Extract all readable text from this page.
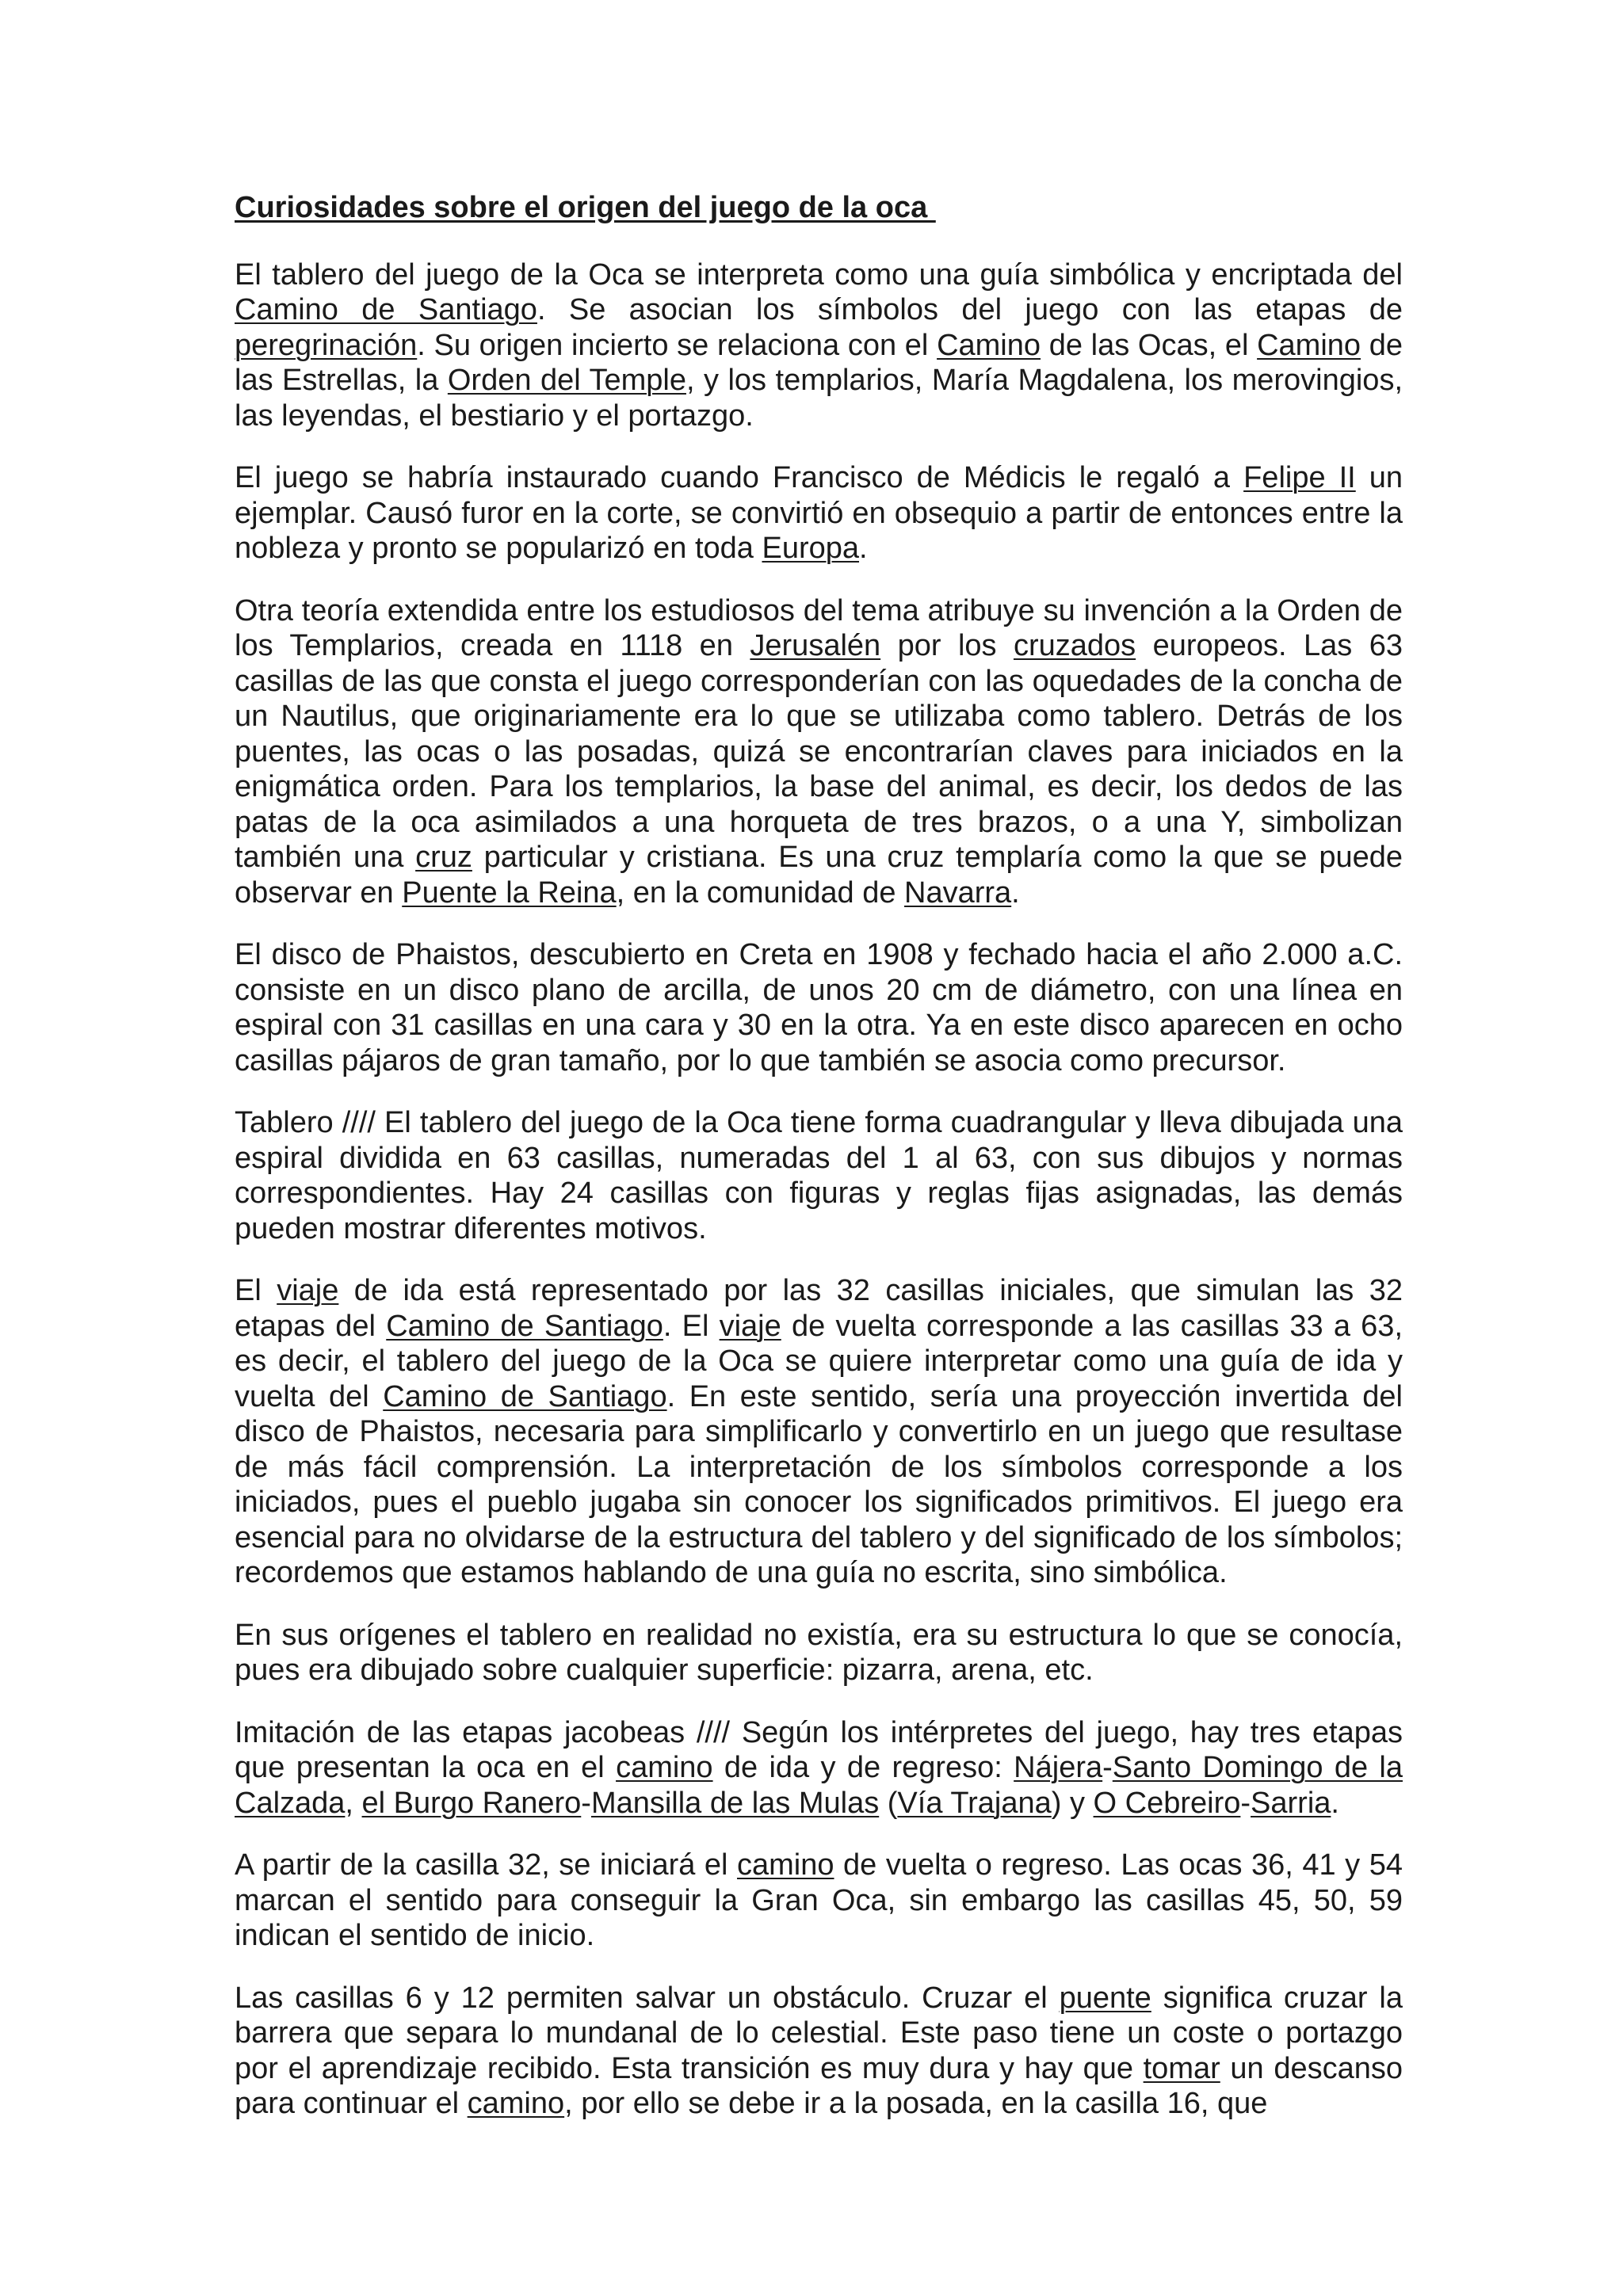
Curiosidades sobre el origen del juego de la oca

El tablero del juego de la Oca se interpreta como una guía simbólica y encriptada del Camino de Santiago. Se asocian los símbolos del juego con las etapas de peregrinación. Su origen incierto se relaciona con el Camino de las Ocas, el Camino de las Estrellas, la Orden del Temple, y los templarios, María Magdalena, los merovingios, las leyendas, el bestiario y el portazgo.

El juego se habría instaurado cuando Francisco de Médicis le regaló a Felipe II un ejemplar. Causó furor en la corte, se convirtió en obsequio a partir de entonces entre la nobleza y pronto se popularizó en toda Europa.

Otra teoría extendida entre los estudiosos del tema atribuye su invención a la Orden de los Templarios, creada en 1118 en Jerusalén por los cruzados europeos. Las 63 casillas de las que consta el juego corresponderían con las oquedades de la concha de un Nautilus, que originariamente era lo que se utilizaba como tablero. Detrás de los puentes, las ocas o las posadas, quizá se encontrarían claves para iniciados en la enigmática orden. Para los templarios, la base del animal, es decir, los dedos de las patas de la oca asimilados a una horqueta de tres brazos, o a una Y, simbolizan también una cruz particular y cristiana. Es una cruz templaría como la que se puede observar en Puente la Reina, en la comunidad de Navarra.

El disco de Phaistos, descubierto en Creta en 1908 y fechado hacia el año 2.000 a.C. consiste en un disco plano de arcilla, de unos 20 cm de diámetro, con una línea en espiral con 31 casillas en una cara y 30 en la otra. Ya en este disco aparecen en ocho casillas pájaros de gran tamaño, por lo que también se asocia como precursor.

Tablero //// El tablero del juego de la Oca tiene forma cuadrangular y lleva dibujada una espiral dividida en 63 casillas, numeradas del 1 al 63, con sus dibujos y normas correspondientes. Hay 24 casillas con figuras y reglas fijas asignadas, las demás pueden mostrar diferentes motivos.

El viaje de ida está representado por las 32 casillas iniciales, que simulan las 32 etapas del Camino de Santiago. El viaje de vuelta corresponde a las casillas 33 a 63, es decir, el tablero del juego de la Oca se quiere interpretar como una guía de ida y vuelta del Camino de Santiago. En este sentido, sería una proyección invertida del disco de Phaistos, necesaria para simplificarlo y convertirlo en un juego que resultase de más fácil comprensión. La interpretación de los símbolos corresponde a los iniciados, pues el pueblo jugaba sin conocer los significados primitivos. El juego era esencial para no olvidarse de la estructura del tablero y del significado de los símbolos; recordemos que estamos hablando de una guía no escrita, sino simbólica.

En sus orígenes el tablero en realidad no existía, era su estructura lo que se conocía, pues era dibujado sobre cualquier superficie: pizarra, arena, etc.

Imitación de las etapas jacobeas //// Según los intérpretes del juego, hay tres etapas que presentan la oca en el camino de ida y de regreso: Nájera-Santo Domingo de la Calzada, el Burgo Ranero-Mansilla de las Mulas (Vía Trajana) y O Cebreiro-Sarria.

A partir de la casilla 32, se iniciará el camino de vuelta o regreso. Las ocas 36, 41 y 54 marcan el sentido para conseguir la Gran Oca, sin embargo las casillas 45, 50, 59 indican el sentido de inicio.

Las casillas 6 y 12 permiten salvar un obstáculo. Cruzar el puente significa cruzar la barrera que separa lo mundanal de lo celestial. Este paso tiene un coste o portazgo por el aprendizaje recibido. Esta transición es muy dura y hay que tomar un descanso para continuar el camino, por ello se debe ir a la posada, en la casilla 16, que
